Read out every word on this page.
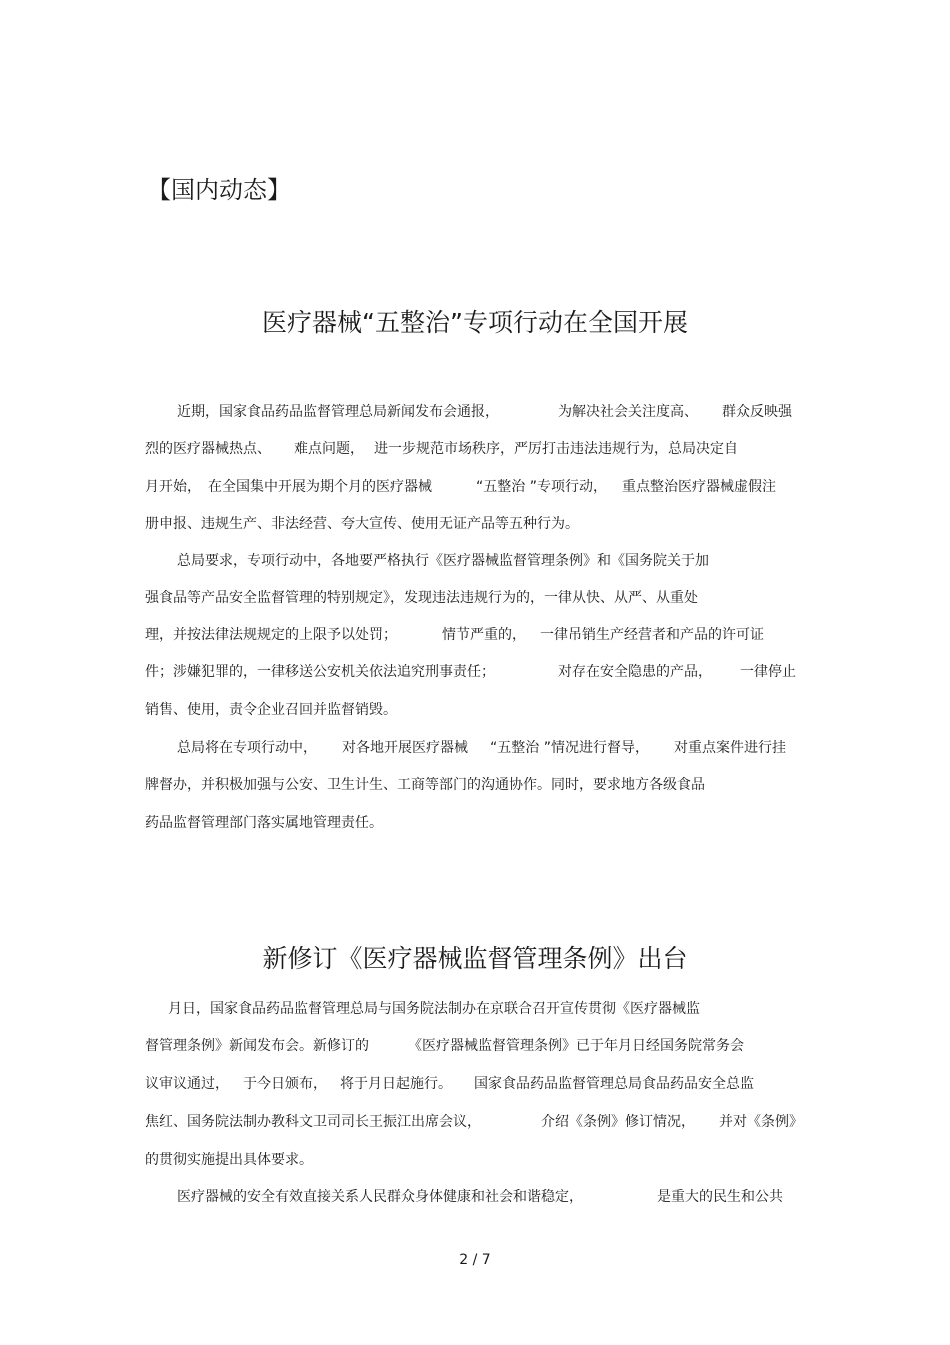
【国内动态】
医疗器械“五整治”专项行动在全国开展
近期，国家食品药品监督管理总局新闻发布会通报，	为解决社会关注度高、 群众反映强
烈的医疗器械热点、 难点问题， 进一步规范市场秩序，严厉打击违法违规行为，总局决定自
月开始， 在全国集中开展为期个月的医疗器械	“五整治 ”专项行动， 重点整治医疗器械虚假注
册申报、违规生产、非法经营、夸大宣传、使用无证产品等五种行为。
总局要求，专项行动中，各地要严格执行《医疗器械监督管理条例》和《国务院关于加
强食品等产品安全监督管理的特别规定》，发现违法违规行为的，一律从快、从严、从重处
理，并按法律法规规定的上限予以处罚；	情节严重的， 一律吊销生产经营者和产品的许可证
件；涉嫌犯罪的，一律移送公安机关依法追究刑事责任；	对存在安全隐患的产品， 一律停止
销售、使用，责令企业召回并监督销毁。
总局将在专项行动中， 对各地开展医疗器械 “五整治 ”情况进行督导， 对重点案件进行挂
牌督办，并积极加强与公安、卫生计生、工商等部门的沟通协作。同时，要求地方各级食品
药品监督管理部门落实属地管理责任。
新修订《医疗器械监督管理条例》出台
月日，国家食品药品监督管理总局与国务院法制办在京联合召开宣传贯彻《医疗器械监
督管理条例》新闻发布会。新修订的	《医疗器械监督管理条例》已于年月日经国务院常务会
议审议通过， 于今日颁布， 将于月日起施行。 国家食品药品监督管理总局食品药品安全总监
焦红、国务院法制办教科文卫司司长王振江出席会议，	介绍《条例》修订情况， 并对《条例》
的贯彻实施提出具体要求。
医疗器械的安全有效直接关系人民群众身体健康和社会和谐稳定，	是重大的民生和公共
2 / 7
